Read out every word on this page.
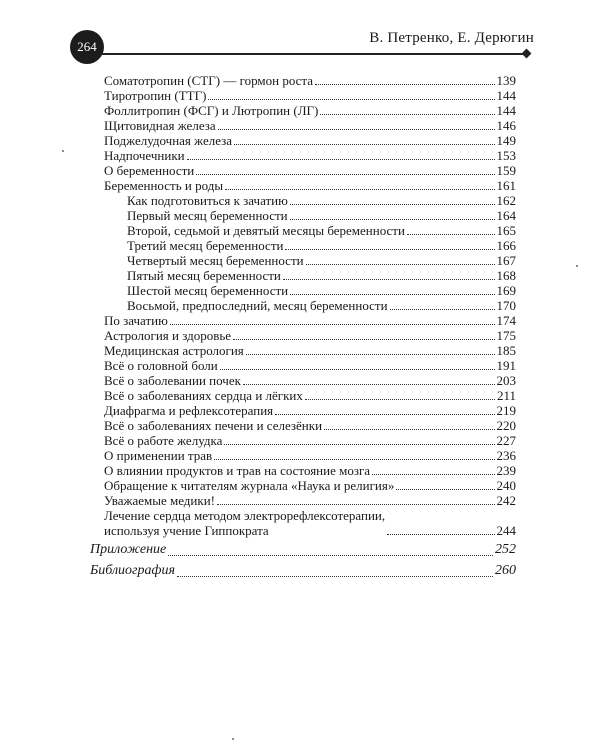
264
В. Петренко, Е. Дерюгин
Соматотропин (СТГ) — гормон роста	139
Тиротропин (ТТГ)	144
Фоллитропин (ФСГ) и Лютропин (ЛГ)	144
Щитовидная железа	146
Поджелудочная железа	149
Надпочечники	153
О беременности	159
Беременность и роды	161
Как подготовиться к зачатию	162
Первый месяц беременности	164
Второй, седьмой и девятый месяцы беременности	165
Третий месяц беременности	166
Четвертый месяц беременности	167
Пятый месяц беременности	168
Шестой месяц беременности	169
Восьмой, предпоследний, месяц беременности	170
По зачатию	174
Астрология и здоровье	175
Медицинская астрология	185
Всё о головной боли	191
Всё о заболевании почек	203
Всё о заболеваниях сердца и лёгких	211
Диафрагма и рефлексотерапия	219
Всё о заболеваниях печени и селезёнки	220
Всё о работе желудка	227
О применении трав	236
О влиянии продуктов и трав на состояние мозга	239
Обращение к читателям журнала «Наука и религия»	240
Уважаемые медики!	242
Лечение сердца методом электрорефлексотерапии,
используя учение Гиппократа	244
Приложение	252
Библиография	260
